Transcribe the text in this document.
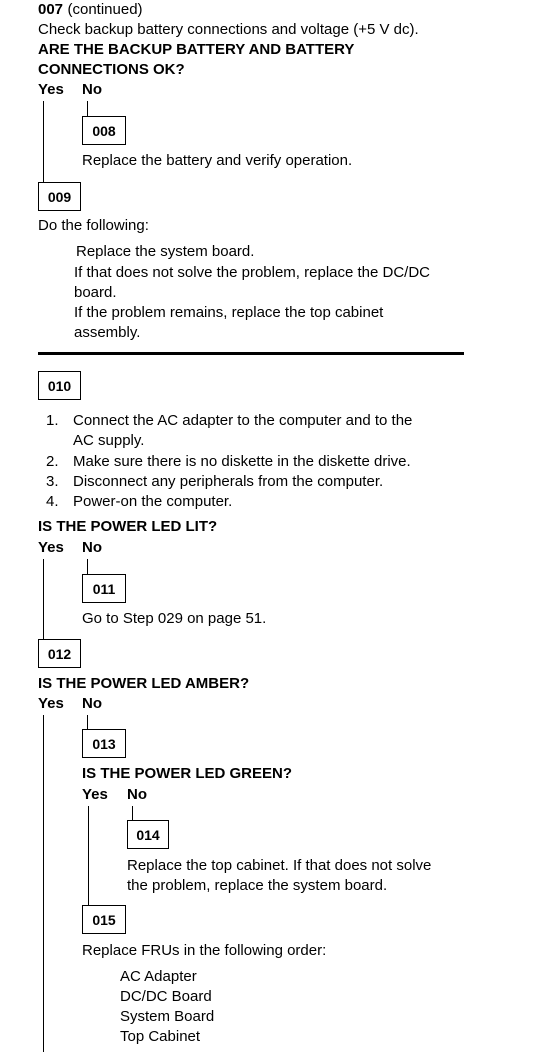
007 (continued)
Check backup battery connections and voltage (+5 V dc).
ARE THE BACKUP BATTERY AND BATTERY
CONNECTIONS OK?
Yes No
008
Replace the battery and verify operation.
009
Do the following:
Replace the system board.
If that does not solve the problem, replace the DC/DC
board.
If the problem remains, replace the top cabinet
assembly.
010
1. Connect the AC adapter to the computer and to the
AC supply.
2. Make sure there is no diskette in the diskette drive.
3. Disconnect any peripherals from the computer.
4. Power-on the computer.
IS THE POWER LED LIT?
Yes No
011
Go to Step 029 on page 51.
012
IS THE POWER LED AMBER?
Yes No
013
IS THE POWER LED GREEN?
Yes No
014
Replace the top cabinet. If that does not solve
the problem, replace the system board.
015
Replace FRUs in the following order:
AC Adapter
DC/DC Board
System Board
Top Cabinet
